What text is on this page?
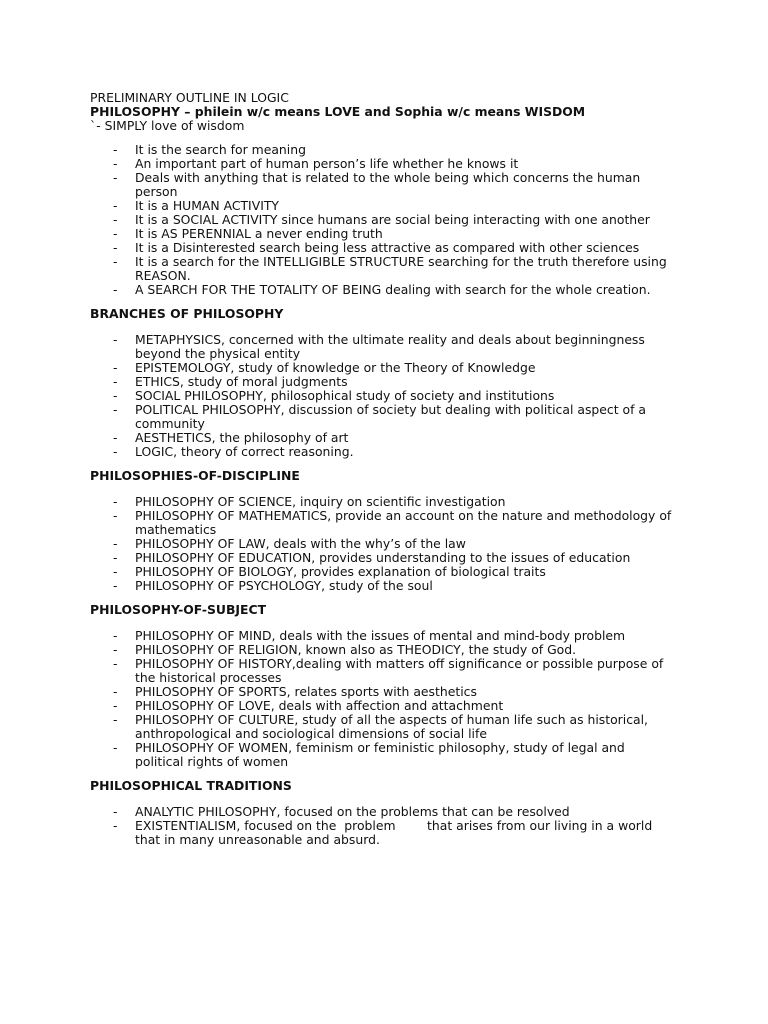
PRELIMINARY OUTLINE IN LOGIC
PHILOSOPHY – philein w/c means LOVE and Sophia w/c means WISDOM
`- SIMPLY love of wisdom
- It is the search for meaning
- An important part of human person’s life whether he knows it
- Deals with anything that is related to the whole being which concerns the human person
- It is a HUMAN ACTIVITY
- It is a SOCIAL ACTIVITY since humans are social being interacting with one another
- It is AS PERENNIAL a never ending truth
- It is a Disinterested search being less attractive as compared with other sciences
- It is a search for the INTELLIGIBLE STRUCTURE searching for the truth therefore using REASON.
- A SEARCH FOR THE TOTALITY OF BEING dealing with search for the whole creation.
BRANCHES OF PHILOSOPHY
- METAPHYSICS, concerned with the ultimate reality and deals about beginningness beyond the physical entity
- EPISTEMOLOGY, study of knowledge or the Theory of Knowledge
- ETHICS, study of moral judgments
- SOCIAL PHILOSOPHY, philosophical study of society and institutions
- POLITICAL PHILOSOPHY, discussion of society but dealing with political aspect of a community
- AESTHETICS, the philosophy of art
- LOGIC, theory of correct reasoning.
PHILOSOPHIES-OF-DISCIPLINE
- PHILOSOPHY OF SCIENCE, inquiry on scientific investigation
- PHILOSOPHY OF MATHEMATICS, provide an account on the nature and methodology of mathematics
- PHILOSOPHY OF LAW, deals with the why’s of the law
- PHILOSOPHY OF EDUCATION, provides understanding to the issues of education
- PHILOSOPHY OF BIOLOGY, provides explanation of biological traits
- PHILOSOPHY OF PSYCHOLOGY, study of the soul
PHILOSOPHY-OF-SUBJECT
- PHILOSOPHY OF MIND, deals with the issues of mental and mind-body problem
- PHILOSOPHY OF RELIGION, known also as THEODICY, the study of God.
- PHILOSOPHY OF HISTORY,dealing with matters off significance or possible purpose of the historical processes
- PHILOSOPHY OF SPORTS, relates sports with aesthetics
- PHILOSOPHY OF LOVE, deals with affection and attachment
- PHILOSOPHY OF CULTURE, study of all the aspects of human life such as historical, anthropological and sociological dimensions of social life
- PHILOSOPHY OF WOMEN, feminism or feministic philosophy, study of legal and political rights of women
PHILOSOPHICAL TRADITIONS
- ANALYTIC PHILOSOPHY, focused on the problems that can be resolved
- EXISTENTIALISM, focused on the  problem        that arises from our living in a world that in many unreasonable and absurd.
